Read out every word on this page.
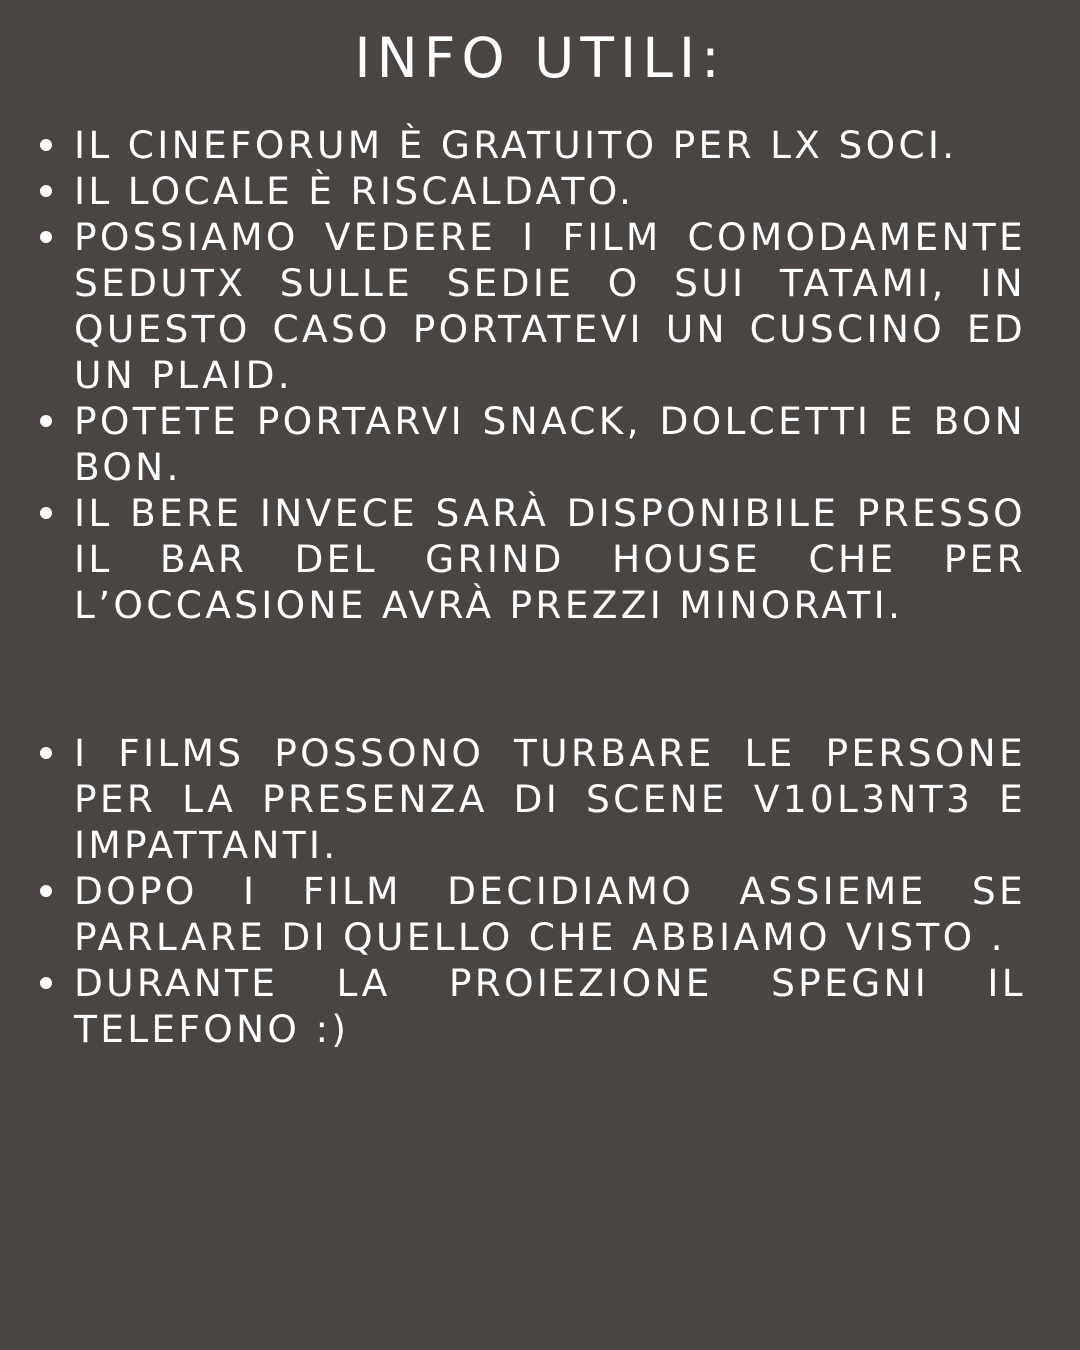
INFO UTILI:
IL CINEFORUM È GRATUITO PER LX SOCI.
IL LOCALE È RISCALDATO.
POSSIAMO VEDERE I FILM COMODAMENTE SEDUTX SULLE SEDIE O SUI TATAMI, IN QUESTO CASO PORTATEVI UN CUSCINO ED UN PLAID.
POTETE PORTARVI SNACK, DOLCETTI E BON BON.
IL BERE INVECE SARÀ DISPONIBILE PRESSO IL BAR DEL GRIND HOUSE CHE PER L’OCCASIONE AVRÀ PREZZI MINORATI.
I FILMS POSSONO TURBARE LE PERSONE PER LA PRESENZA DI SCENE V10L3NT3 E IMPATTANTI.
DOPO I FILM DECIDIAMO ASSIEME SE PARLARE DI QUELLO CHE ABBIAMO VISTO .
DURANTE LA PROIEZIONE SPEGNI IL TELEFONO :)
